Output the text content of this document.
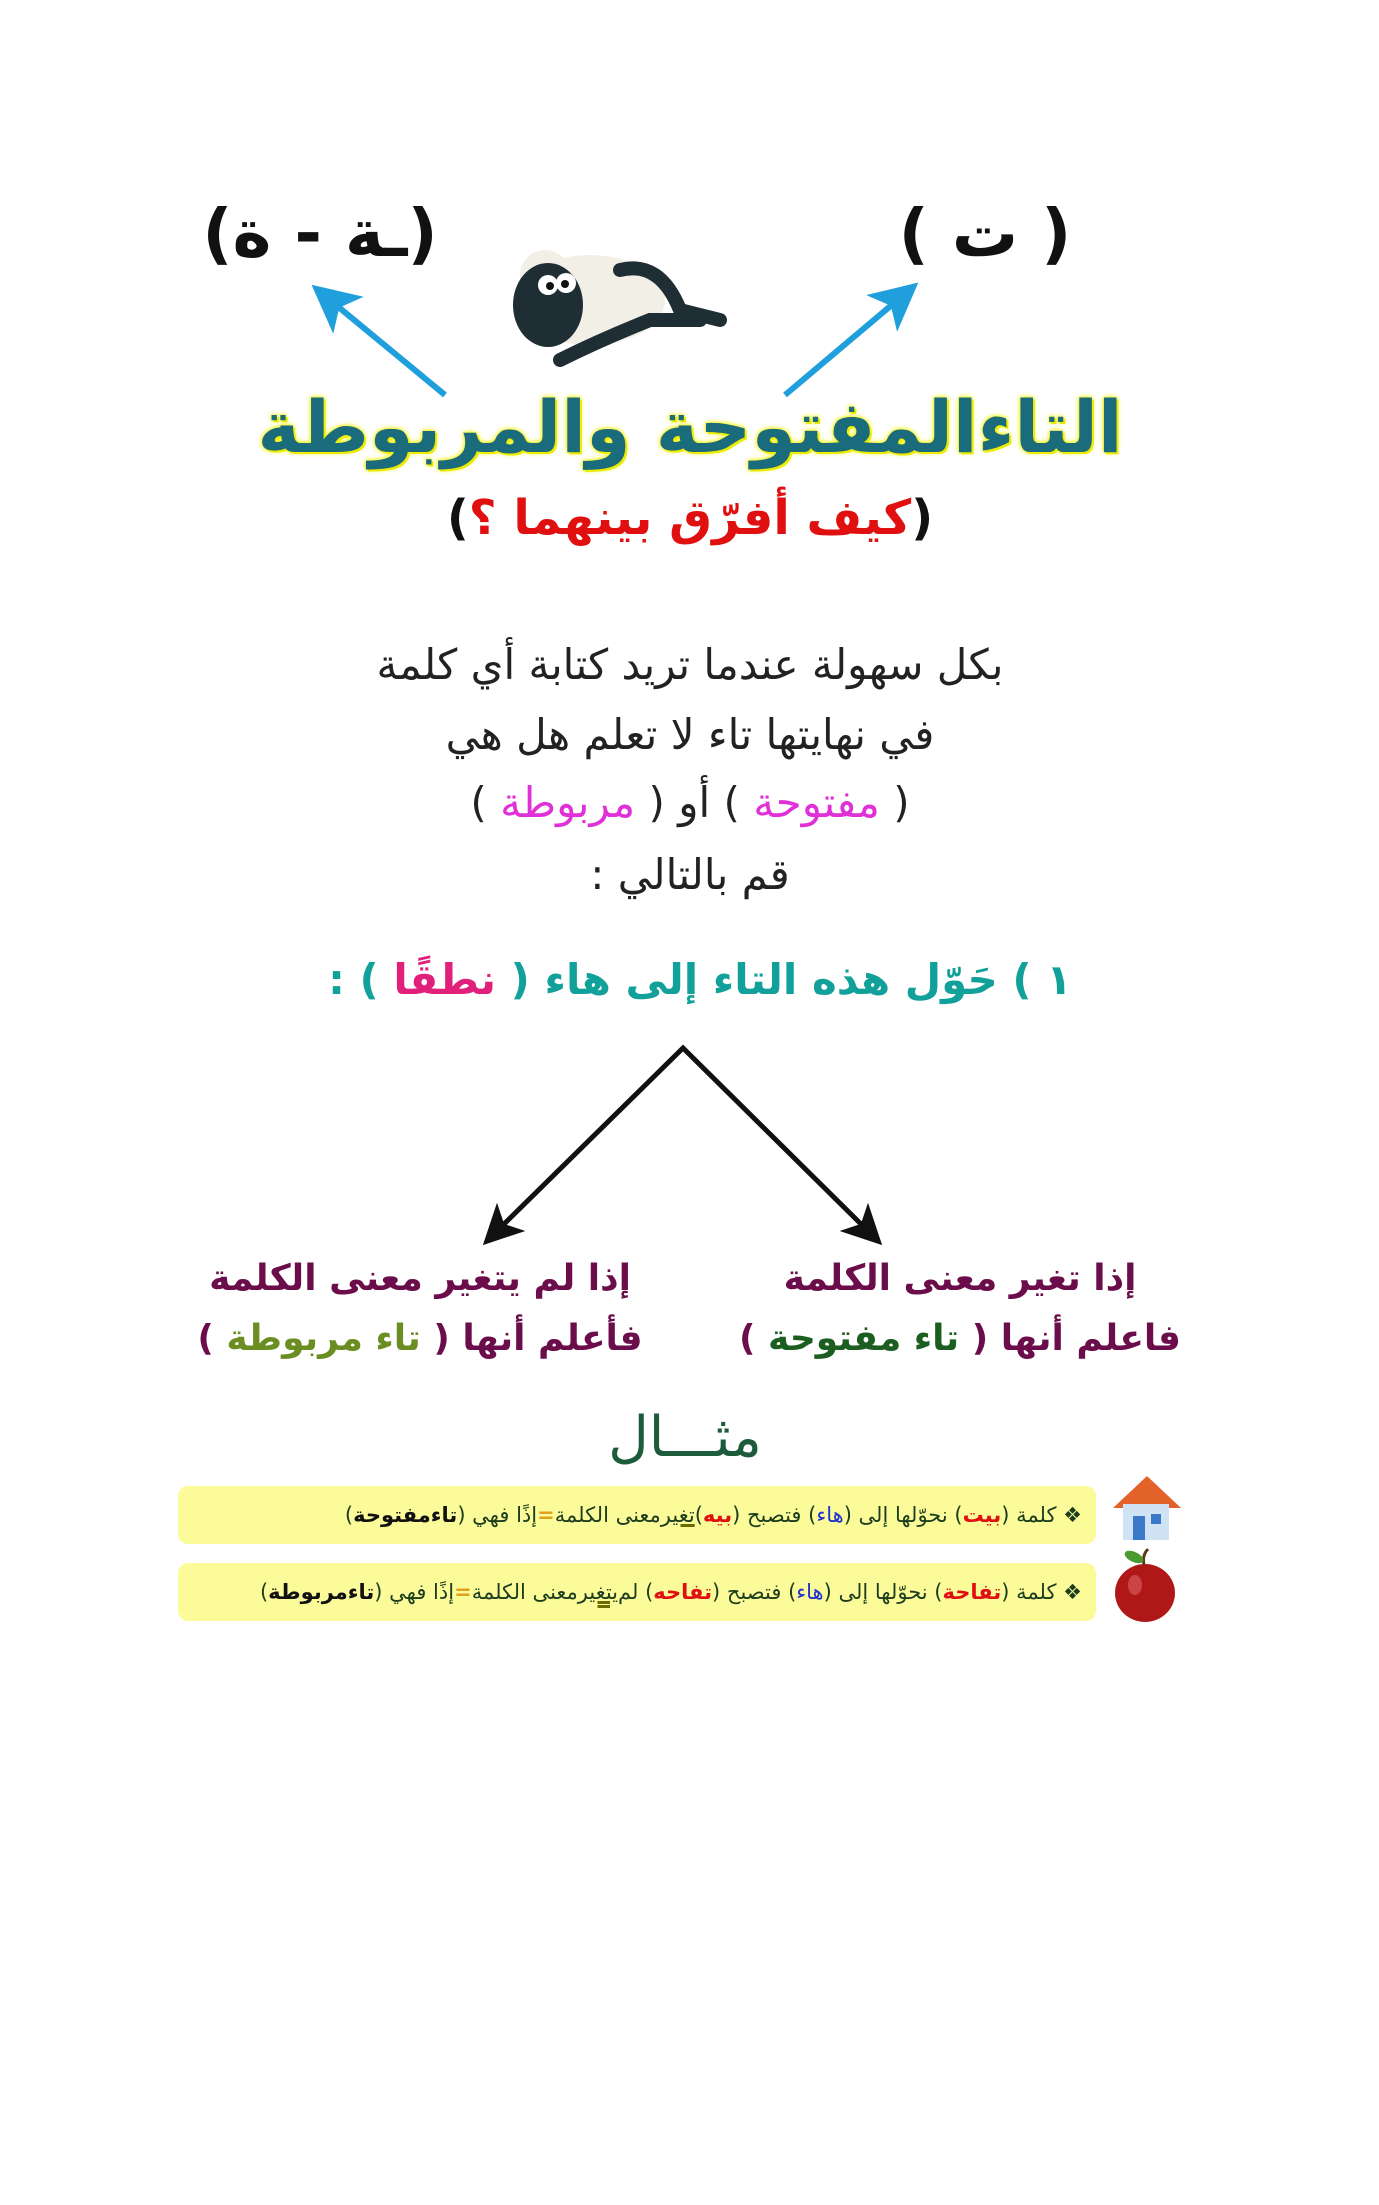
(ـة - ة)	( ت )
التاءالمفتوحة والمربوطة
(كيف أفرّق بينهما ؟)
بكل سهولة عندما تريد كتابة أي كلمة
في نهايتها تاء لا تعلم هل هي
( مفتوحة ) أو ( مربوطة )
قم بالتالي :
١ ) حَوّل هذه التاء إلى هاء ( نطقًا ) :
إذا تغير معنى الكلمة
فاعلم أنها ( تاء مفتوحة )
إذا لم يتغير معنى الكلمة
فأعلم أنها ( تاء مربوطة )
مثـــال
❖

كلمة (
بيت
) نحوّلها إلى (
هاء
) فتصبح (
بيه
)
تغير
معنى الكلمة
=
إذًا فهي (
تاءمفتوحة
)
❖

كلمة (
تفاحة
) نحوّلها إلى (
هاء
) فتصبح (
تفاحه
) لم
يتغير
معنى الكلمة
=
إذًا فهي (
تاءمربوطة
)
